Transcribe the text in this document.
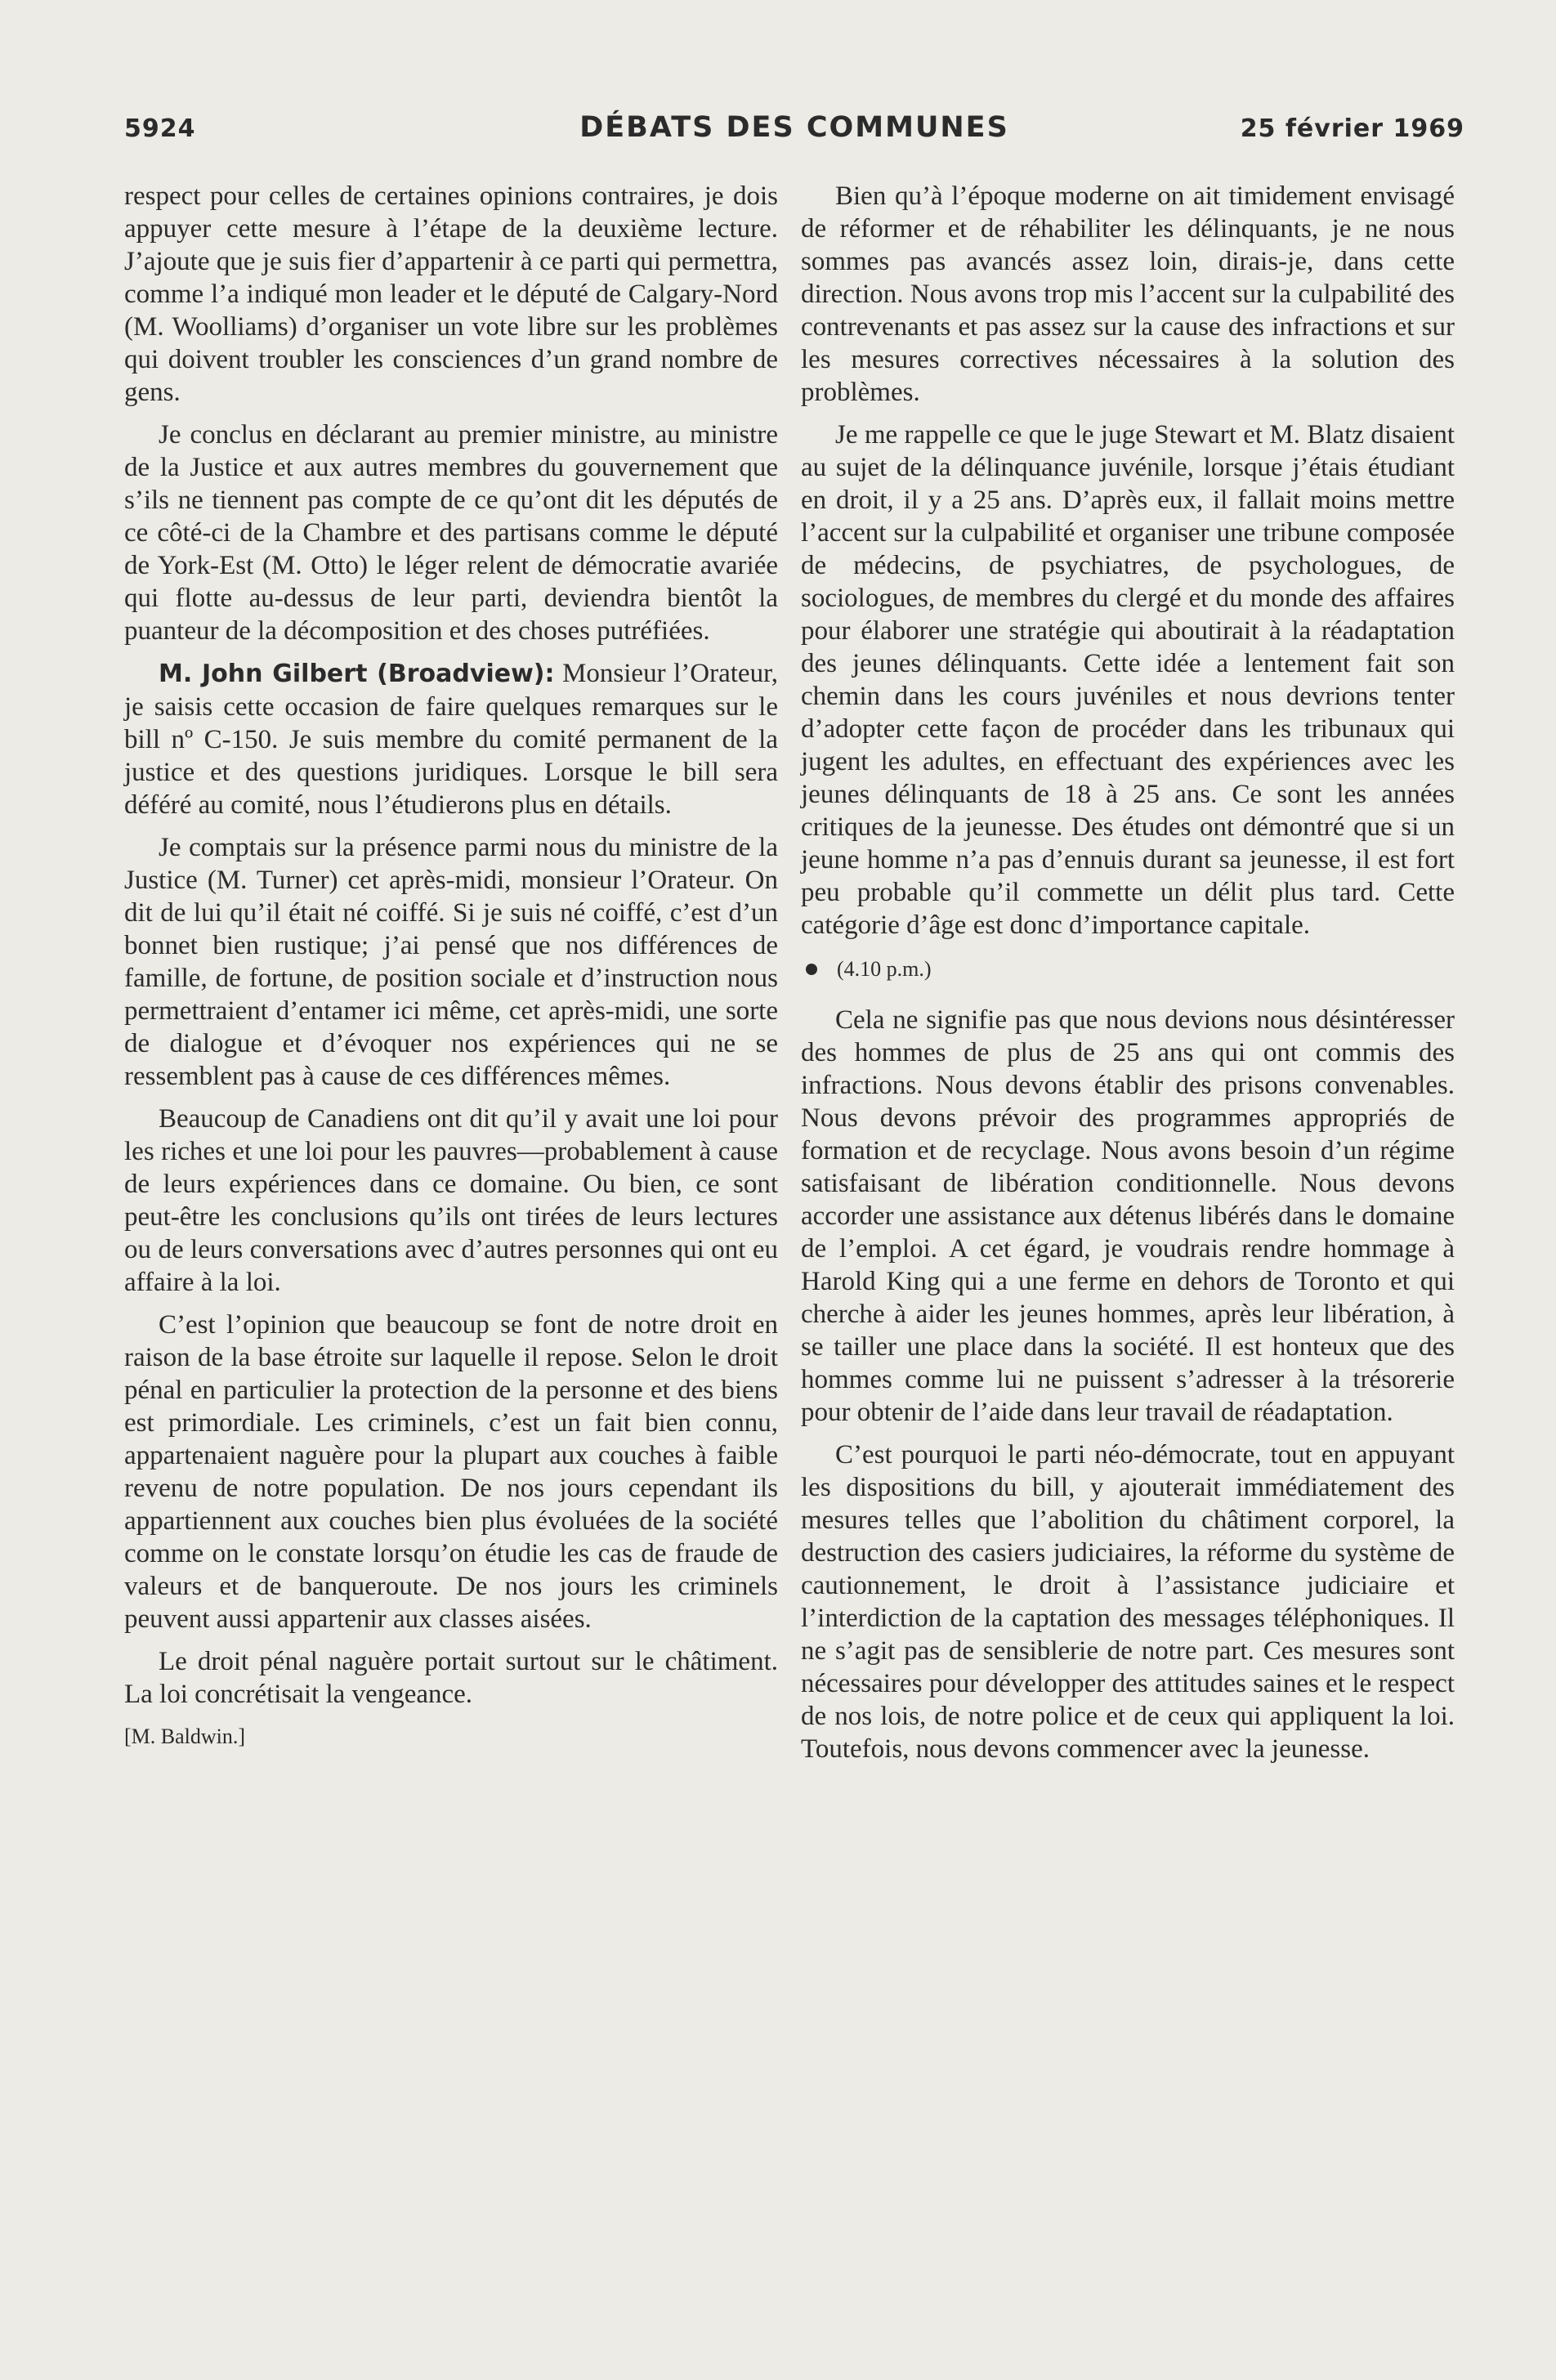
5924	DÉBATS DES COMMUNES	25 février 1969

respect pour celles de certaines opinions contraires, je dois appuyer cette mesure à l’étape de la deuxième lecture. J’ajoute que je suis fier d’appartenir à ce parti qui permettra, comme l’a indiqué mon leader et le député de Calgary-Nord (M. Woolliams) d’organiser un vote libre sur les problèmes qui doivent troubler les consciences d’un grand nombre de gens.

Je conclus en déclarant au premier ministre, au ministre de la Justice et aux autres membres du gouvernement que s’ils ne tiennent pas compte de ce qu’ont dit les députés de ce côté-ci de la Chambre et des partisans comme le député de York-Est (M. Otto) le léger relent de démocratie avariée qui flotte au-dessus de leur parti, deviendra bientôt la puanteur de la décomposition et des choses putréfiées.

M. John Gilbert (Broadview): Monsieur l’Orateur, je saisis cette occasion de faire quelques remarques sur le bill nº C-150. Je suis membre du comité permanent de la justice et des questions juridiques. Lorsque le bill sera déféré au comité, nous l’étudierons plus en détails.

Je comptais sur la présence parmi nous du ministre de la Justice (M. Turner) cet après-midi, monsieur l’Orateur. On dit de lui qu’il était né coiffé. Si je suis né coiffé, c’est d’un bonnet bien rustique; j’ai pensé que nos différences de famille, de fortune, de position sociale et d’instruction nous permettraient d’entamer ici même, cet après-midi, une sorte de dialogue et d’évoquer nos expériences qui ne se ressemblent pas à cause de ces différences mêmes.

Beaucoup de Canadiens ont dit qu’il y avait une loi pour les riches et une loi pour les pauvres—probablement à cause de leurs expériences dans ce domaine. Ou bien, ce sont peut-être les conclusions qu’ils ont tirées de leurs lectures ou de leurs conversations avec d’autres personnes qui ont eu affaire à la loi.

C’est l’opinion que beaucoup se font de notre droit en raison de la base étroite sur laquelle il repose. Selon le droit pénal en particulier la protection de la personne et des biens est primordiale. Les criminels, c’est un fait bien connu, appartenaient naguère pour la plupart aux couches à faible revenu de notre population. De nos jours cependant ils appartiennent aux couches bien plus évoluées de la société comme on le constate lorsqu’on étudie les cas de fraude de valeurs et de banqueroute. De nos jours les criminels peuvent aussi appartenir aux classes aisées.

Le droit pénal naguère portait surtout sur le châtiment. La loi concrétisait la vengeance.

[M. Baldwin.]

Bien qu’à l’époque moderne on ait timidement envisagé de réformer et de réhabiliter les délinquants, je ne nous sommes pas avancés assez loin, dirais-je, dans cette direction. Nous avons trop mis l’accent sur la culpabilité des contrevenants et pas assez sur la cause des infractions et sur les mesures correctives nécessaires à la solution des problèmes.

Je me rappelle ce que le juge Stewart et M. Blatz disaient au sujet de la délinquance juvénile, lorsque j’étais étudiant en droit, il y a 25 ans. D’après eux, il fallait moins mettre l’accent sur la culpabilité et organiser une tribune composée de médecins, de psychiatres, de psychologues, de sociologues, de membres du clergé et du monde des affaires pour élaborer une stratégie qui aboutirait à la réadaptation des jeunes délinquants. Cette idée a lentement fait son chemin dans les cours juvéniles et nous devrions tenter d’adopter cette façon de procéder dans les tribunaux qui jugent les adultes, en effectuant des expériences avec les jeunes délinquants de 18 à 25 ans. Ce sont les années critiques de la jeunesse. Des études ont démontré que si un jeune homme n’a pas d’ennuis durant sa jeunesse, il est fort peu probable qu’il commette un délit plus tard. Cette catégorie d’âge est donc d’importance capitale.

(4.10 p.m.)

Cela ne signifie pas que nous devions nous désintéresser des hommes de plus de 25 ans qui ont commis des infractions. Nous devons établir des prisons convenables. Nous devons prévoir des programmes appropriés de formation et de recyclage. Nous avons besoin d’un régime satisfaisant de libération conditionnelle. Nous devons accorder une assistance aux détenus libérés dans le domaine de l’emploi. A cet égard, je voudrais rendre hommage à Harold King qui a une ferme en dehors de Toronto et qui cherche à aider les jeunes hommes, après leur libération, à se tailler une place dans la société. Il est honteux que des hommes comme lui ne puissent s’adresser à la trésorerie pour obtenir de l’aide dans leur travail de réadaptation.

C’est pourquoi le parti néo-démocrate, tout en appuyant les dispositions du bill, y ajouterait immédiatement des mesures telles que l’abolition du châtiment corporel, la destruction des casiers judiciaires, la réforme du système de cautionnement, le droit à l’assistance judiciaire et l’interdiction de la captation des messages téléphoniques. Il ne s’agit pas de sensiblerie de notre part. Ces mesures sont nécessaires pour développer des attitudes saines et le respect de nos lois, de notre police et de ceux qui appliquent la loi. Toutefois, nous devons commencer avec la jeunesse.
